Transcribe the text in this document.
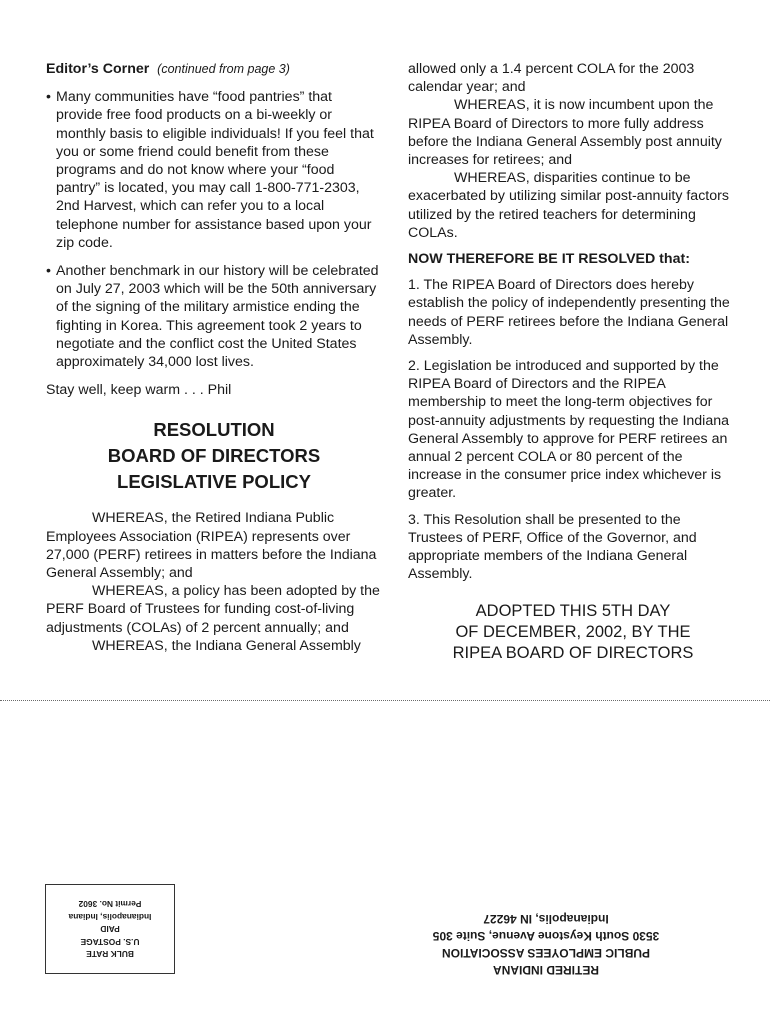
Editor’s Corner (continued from page 3)

• Many communities have “food pantries” that provide free food products on a bi-weekly or monthly basis to eligible individuals! If you feel that you or some friend could benefit from these programs and do not know where your “food pantry” is located, you may call 1-800-771-2303, 2nd Harvest, which can refer you to a local telephone number for assistance based upon your zip code.
• Another benchmark in our history will be celebrated on July 27, 2003 which will be the 50th anniversary of the signing of the military armistice ending the fighting in Korea. This agreement took 2 years to negotiate and the conflict cost the United States approximately 34,000 lost lives.

Stay well, keep warm . . . Phil

RESOLUTION
BOARD OF DIRECTORS
LEGISLATIVE POLICY

WHEREAS, the Retired Indiana Public Employees Association (RIPEA) represents over 27,000 (PERF) retirees in matters before the Indiana General Assembly; and

WHEREAS, a policy has been adopted by the PERF Board of Trustees for funding cost-of-living adjustments (COLAs) of 2 percent annually; and

WHEREAS, the Indiana General Assembly

allowed only a 1.4 percent COLA for the 2003 calendar year; and

WHEREAS, it is now incumbent upon the RIPEA Board of Directors to more fully address before the Indiana General Assembly post annuity increases for retirees; and

WHEREAS, disparities continue to be exacerbated by utilizing similar post-annuity factors utilized by the retired teachers for determining COLAs.

NOW THEREFORE BE IT RESOLVED that:

1. The RIPEA Board of Directors does hereby establish the policy of independently presenting the needs of PERF retirees before the Indiana General Assembly.

2. Legislation be introduced and supported by the RIPEA Board of Directors and the RIPEA membership to meet the long-term objectives for post-annuity adjustments by requesting the Indiana General Assembly to approve for PERF retirees an annual 2 percent COLA or 80 percent of the increase in the consumer price index whichever is greater.

3. This Resolution shall be presented to the Trustees of PERF, Office of the Governor, and appropriate members of the Indiana General Assembly.

ADOPTED THIS 5TH DAY
OF DECEMBER, 2002, BY THE
RIPEA BOARD OF DIRECTORS
BULK RATE
U.S. POSTAGE
PAID
Indianapolis, Indiana
Permit No. 3602
RETIRED INDIANA
PUBLIC EMPLOYEES ASSOCIATION
3530 South Keystone Avenue, Suite 305
Indianapolis, IN 46227
